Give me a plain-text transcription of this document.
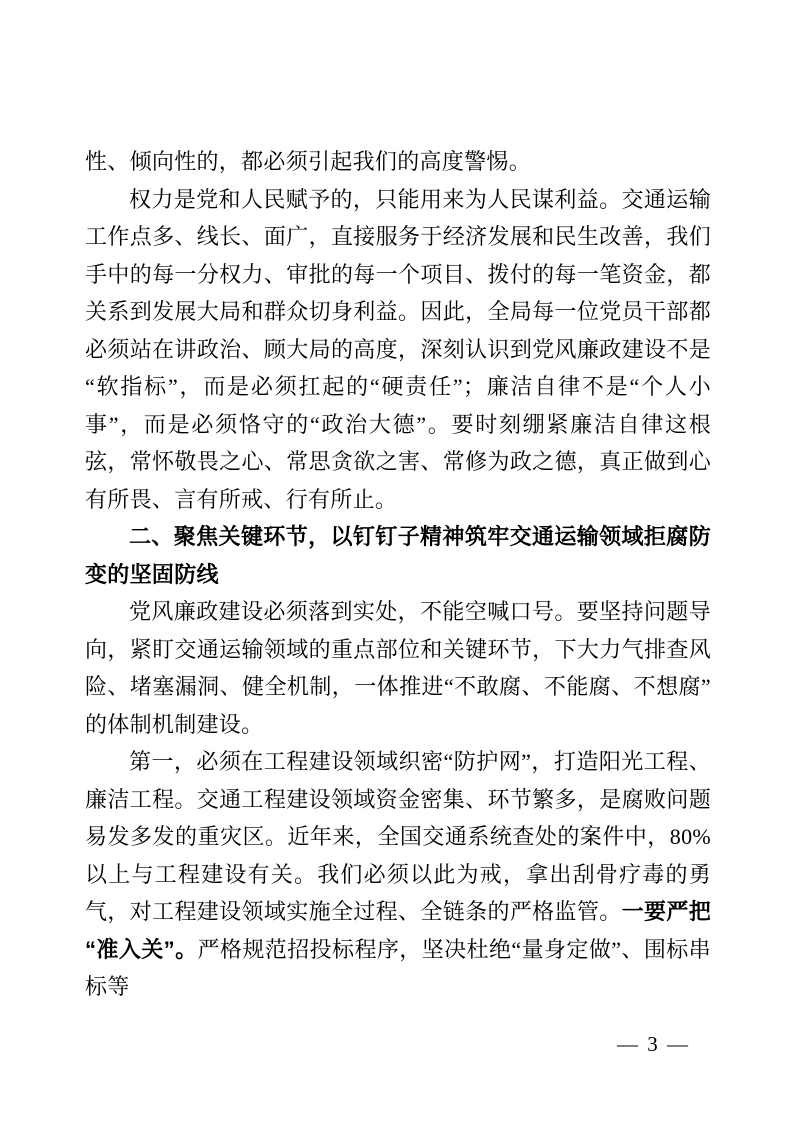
性、倾向性的，都必须引起我们的高度警惕。

权力是党和人民赋予的，只能用来为人民谋利益。交通运输工作点多、线长、面广，直接服务于经济发展和民生改善，我们手中的每一分权力、审批的每一个项目、拨付的每一笔资金，都关系到发展大局和群众切身利益。因此，全局每一位党员干部都必须站在讲政治、顾大局的高度，深刻认识到党风廉政建设不是“软指标”，而是必须扛起的“硬责任”；廉洁自律不是“个人小事”，而是必须恪守的“政治大德”。要时刻绷紧廉洁自律这根弦，常怀敬畏之心、常思贪欲之害、常修为政之德，真正做到心有所畏、言有所戒、行有所止。

二、聚焦关键环节，以钉钉子精神筑牢交通运输领域拒腐防变的坚固防线

党风廉政建设必须落到实处，不能空喊口号。要坚持问题导向，紧盯交通运输领域的重点部位和关键环节，下大力气排查风险、堵塞漏洞、健全机制，一体推进“不敢腐、不能腐、不想腐”的体制机制建设。

第一，必须在工程建设领域织密“防护网”，打造阳光工程、廉洁工程。交通工程建设领域资金密集、环节繁多，是腐败问题易发多发的重灾区。近年来，全国交通系统查处的案件中，80%以上与工程建设有关。我们必须以此为戒，拿出刮骨疗毒的勇气，对工程建设领域实施全过程、全链条的严格监管。一要严把“准入关”。严格规范招投标程序，坚决杜绝“量身定做”、围标串标等

— 3 —
